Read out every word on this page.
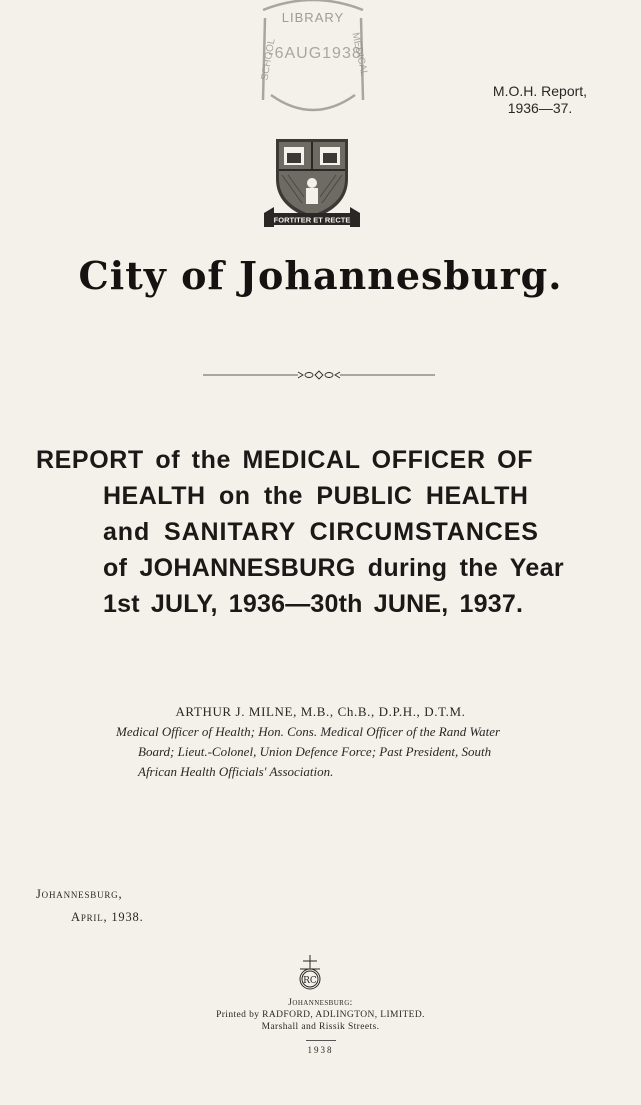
LIBRARY
-6AUG1938
SCHOOL	MEDICAL
M.O.H. Report,
1936—37.
FORTITER ET RECTE
City of Johannesburg.
REPORT of the MEDICAL OFFICER OF
HEALTH on the PUBLIC HEALTH
and SANITARY CIRCUMSTANCES
of JOHANNESBURG during the Year
1st JULY, 1936—30th JUNE, 1937.
ARTHUR J. MILNE, M.B., Ch.B., D.P.H., D.T.M.
Medical Officer of Health; Hon. Cons. Medical Officer of the Rand Water
Board; Lieut.-Colonel, Union Defence Force; Past President, South
African Health Officials' Association.
Johannesburg,
April, 1938.
RC
Johannesburg:
Printed by RADFORD, ADLINGTON, LIMITED.
Marshall and Rissik Streets.
1938
